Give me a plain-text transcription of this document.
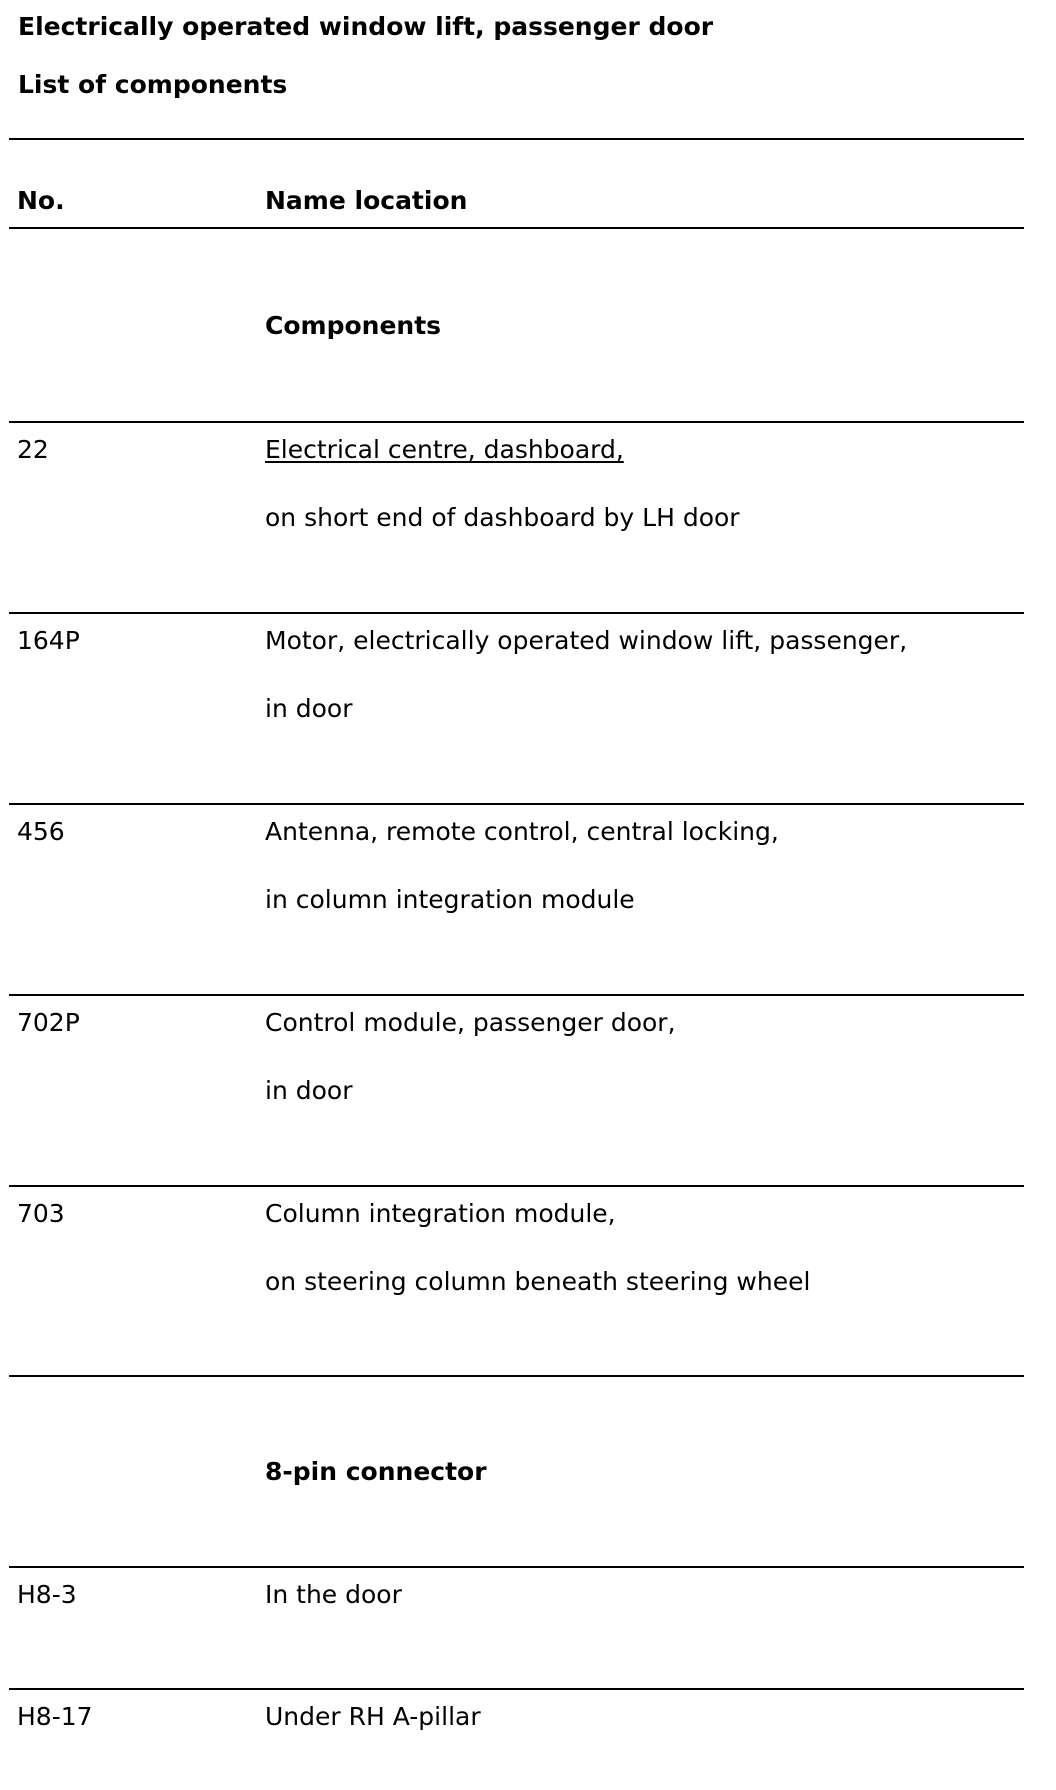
Electrically operated window lift, passenger door
List of components
No.	Name location
Components
22	Electrical centre, dashboard,
on short end of dashboard by LH door
164P	Motor, electrically operated window lift, passenger,
in door
456	Antenna, remote control, central locking,
in column integration module
702P	Control module, passenger door,
in door
703	Column integration module,
on steering column beneath steering wheel
8-pin connector
H8-3	In the door
H8-17	Under RH A-pillar
